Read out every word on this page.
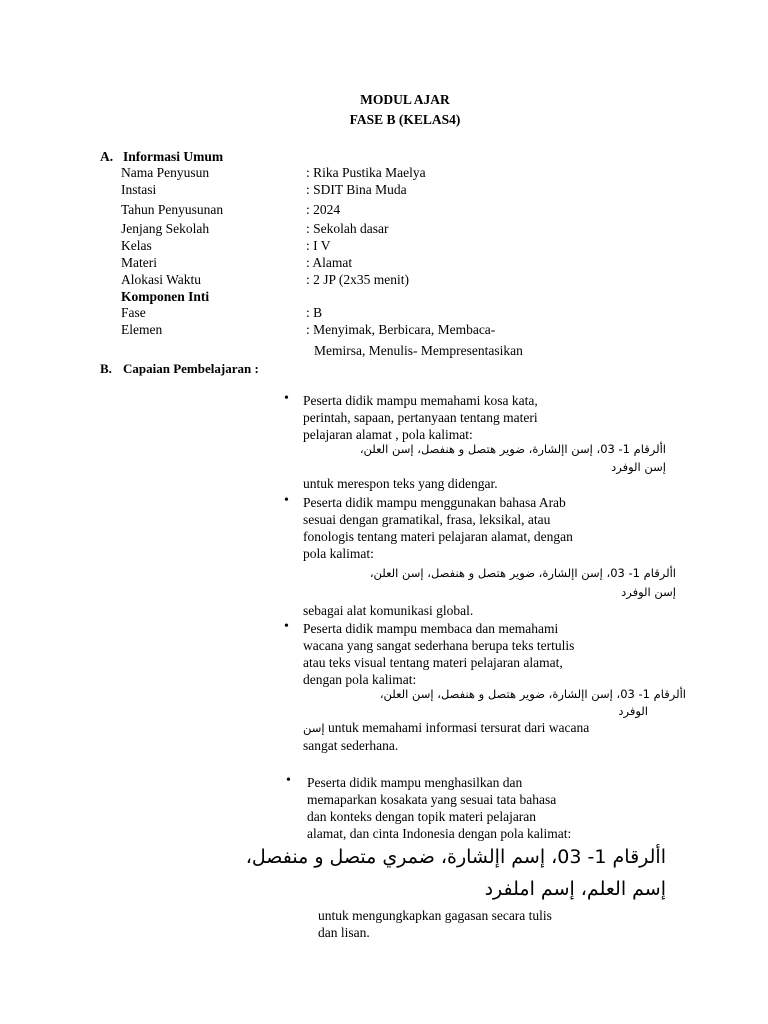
MODUL AJAR
FASE B (KELAS4)
A. Informasi Umum
Nama Penyusun	: Rika Pustika Maelya
Instasi	: SDIT Bina Muda
Tahun Penyusunan	: 2024
Jenjang Sekolah	: Sekolah dasar
Kelas	: I V
Materi	: Alamat
Alokasi Waktu	: 2 JP (2x35 menit)
Komponen Inti
Fase	: B
Elemen	: Menyimak, Berbicara, Membaca-
Memirsa, Menulis- Mempresentasikan
B. Capaian Pembelajaran :
• Peserta didik mampu memahami kosa kata,
perintah, sapaan, pertanyaan tentang materi
pelajaran alamat , pola kalimat:
األرقام 1- 03، إسن اإلشارة، ضوير هتصل و هنفصل، إسن العلن،
إسن الوفرد
untuk merespon teks yang didengar.
• Peserta didik mampu menggunakan bahasa Arab
sesuai dengan gramatikal, frasa, leksikal, atau
fonologis tentang materi pelajaran alamat, dengan
pola kalimat:
األرقام 1- 03، إسن اإلشارة، ضوير هتصل و هنفصل، إسن العلن،
إسن الوفرد
sebagai alat komunikasi global.
• Peserta didik mampu membaca dan memahami
wacana yang sangat sederhana berupa teks tertulis
atau teks visual tentang materi pelajaran alamat,
dengan pola kalimat:
األرقام 1- 03، إسن اإلشارة، ضوير هتصل و هنفصل، إسن العلن،
الوفرد
إسن untuk memahami informasi tersurat dari wacana
sangat sederhana.
• Peserta didik mampu menghasilkan dan
memaparkan kosakata yang sesuai tata bahasa
dan konteks dengan topik materi pelajaran
alamat, dan cinta Indonesia dengan pola kalimat:
األرقام 1- 03، إسم اإلشارة، ضمري متصل و منفصل،
إسم العلم، إسم املفرد
untuk mengungkapkan gagasan secara tulis
dan lisan.
